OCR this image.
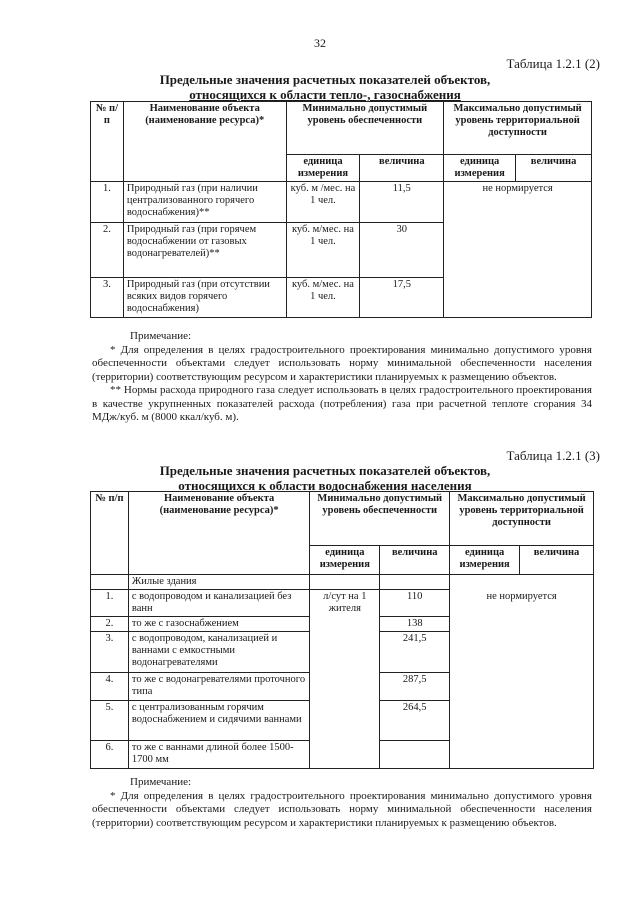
32
Таблица 1.2.1 (2)
Предельные значения расчетных показателей объектов,
относящихся к области тепло-, газоснабжения
№ п/п	Наименование объекта (наименование ресурса)*	Минимально допустимый уровень обеспеченности		Максимально допустимый уровень территориальной доступности	
		единица измерения	величина	единица измерения	величина
1.	Природный газ (при наличии централизованного горячего водоснабжения)**	куб. м /мес. на 1 чел.	11,5	не нормируется	
2.	Природный газ (при горячем водоснабжении от газовых водонагревателей)**	куб. м/мес. на 1 чел.	30		
3.	Природный газ (при отсутствии всяких видов горячего водоснабжения)	куб. м/мес. на 1 чел.	17,5		

Примечание:

* Для определения в целях градостроительного проектирования минимально допустимого уровня обеспеченности объектами следует использовать норму минимальной обеспеченности населения (территории) соответствующим ресурсом и характеристики планируемых к размещению объектов.

** Нормы расхода природного газа следует использовать в целях градостроительного проектирования в качестве укрупненных показателей расхода (потребления) газа при расчетной теплоте сгорания 34 МДж/куб. м (8000 ккал/куб. м).

Таблица 1.2.1 (3)
Предельные значения расчетных показателей объектов,
относящихся к области водоснабжения населения
№ п/п	Наименование объекта (наименование ресурса)*	Минимально допустимый уровень обеспеченности		Максимально допустимый уровень территориальной доступности	
		единица измерения	величина	единица измерения	величина
	Жилые здания				
1.	с водопроводом и канализацией без ванн	л/сут на 1 жителя	110	не нормируется	
2.	то же с газоснабжением		138		
3.	с водопроводом, канализацией и ваннами с емкостными водонагревателями		241,5		
4.	то же с водонагревателями проточного типа		287,5		
5.	с централизованным горячим водоснабжением и сидячими ваннами		264,5		
6.	то же с ваннами длиной более 1500-1700 мм				

Примечание:

* Для определения в целях градостроительного проектирования минимально допустимого уровня обеспеченности объектами следует использовать норму минимальной обеспеченности населения (территории) соответствующим ресурсом и характеристики планируемых к размещению объектов.
